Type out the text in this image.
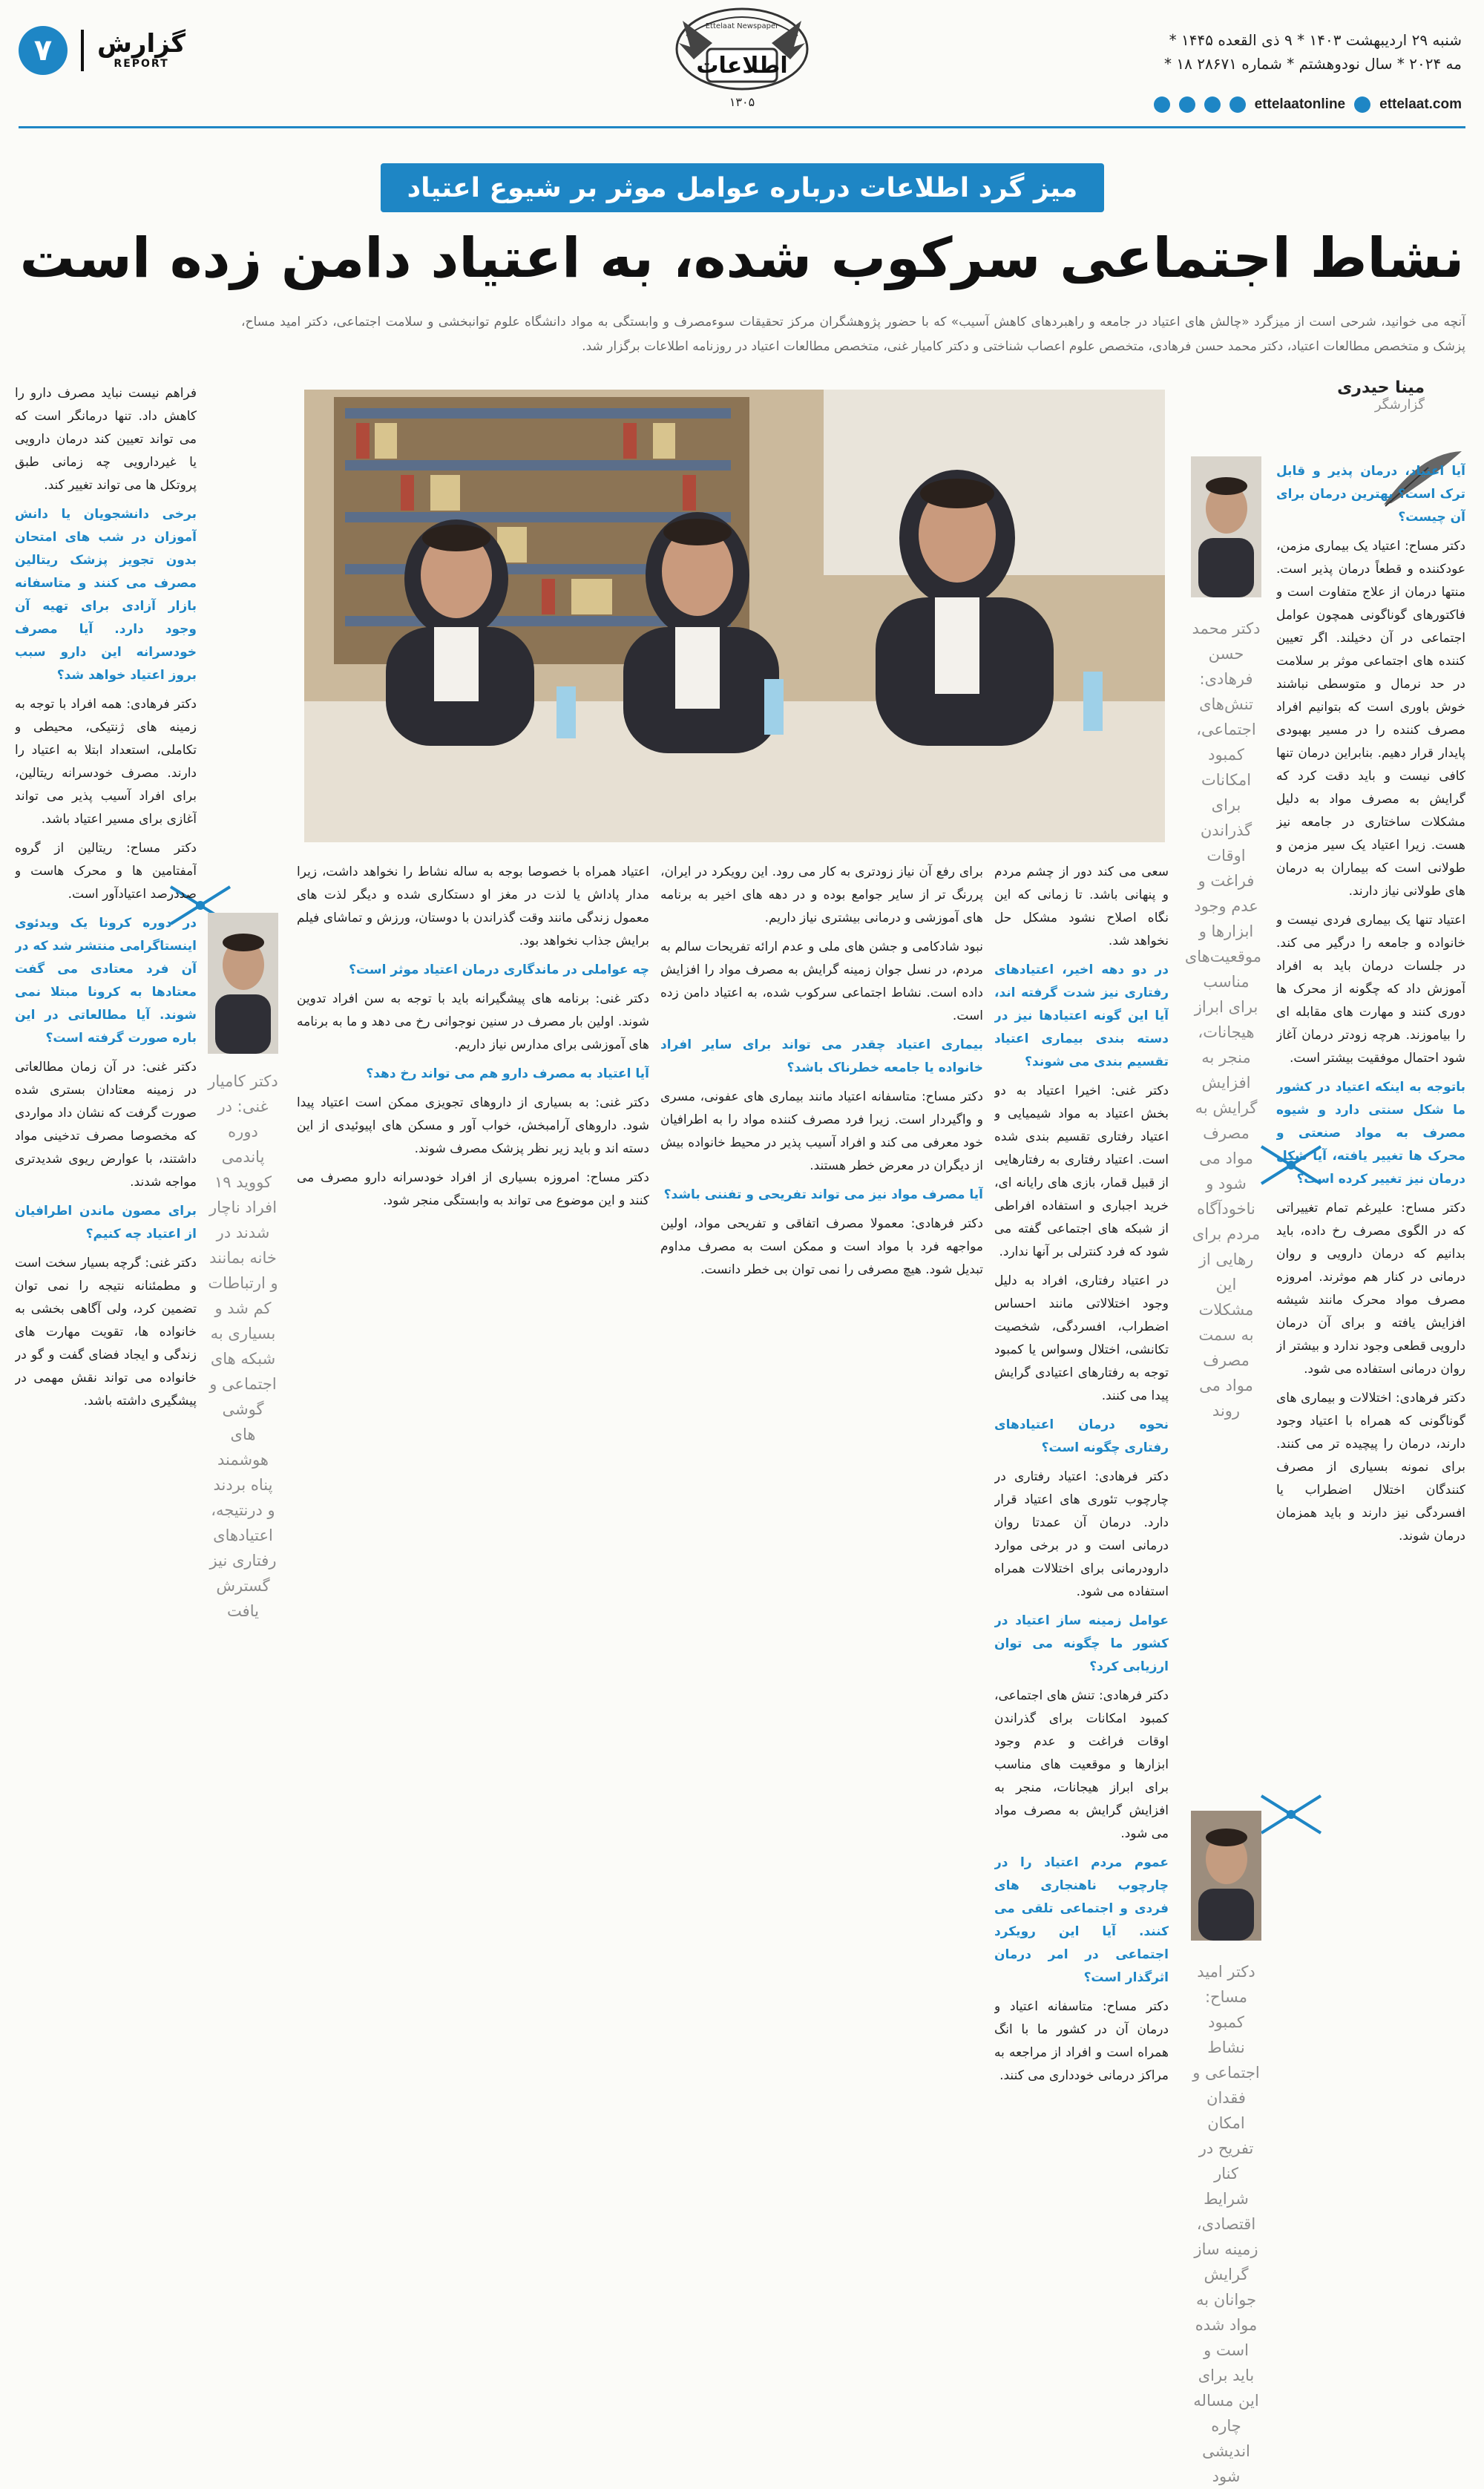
۷	گزارش
REPORT
Ettelaat Newspaper
اطلاعات
۱۳۰۵
* شنبه ۲۹ اردیبهشت ۱۴۰۳ * ۹ ذی القعده ۱۴۴۵
* ۱۸ مه ۲۰۲۴ * سال نودوهشتم * شماره ۲۸۶۷۱
ettelaat.com
ettelaatonline
میز گرد اطلاعات درباره عوامل موثر بر شیوع اعتیاد
نشاط اجتماعی سرکوب شده، به اعتیاد دامن زده است
آنچه می خوانید، شرحی است از میزگرد «چالش های اعتیاد در جامعه و راهبردهای کاهش آسیب» که با حضور پژوهشگران مرکز تحقیقات سوءمصرف و وابستگی به مواد دانشگاه علوم توانبخشی و سلامت اجتماعی، دکتر امید مساح، پزشک و متخصص مطالعات اعتیاد، دکتر محمد حسن فرهادی، متخصص علوم اعصاب شناختی و دکتر کامیار غنی، متخصص مطالعات اعتیاد در روزنامه اطلاعات برگزار شد.
مینا حیدری
گزارشگر
دکتر محمد حسن فرهادی: تنش‌های اجتماعی، کمبود امکانات برای گذراندن اوقات فراغت و عدم وجود ابزارها و موقعیت‌های مناسب برای ابراز هیجانات، منجر به افزایش گرایش به مصرف مواد می شود و ناخودآگاه مردم برای رهایی از این مشکلات به سمت مصرف مواد می روند
دکتر امید مساح: کمبود نشاط اجتماعی و فقدان امکان تفریح در کنار شرایط اقتصادی، زمینه ساز گرایش جوانان به مواد شده است و باید برای این مساله چاره اندیشی شود
دکتر کامیار غنی: در دوره پاندمی کووید ۱۹ افراد ناچار شدند در خانه بمانند و ارتباطات کم شد و بسیاری به شبکه های اجتماعی و گوشی های هوشمند پناه بردند و درنتیجه، اعتیادهای رفتاری نیز گسترش یافت

آیا اعتیاد، درمان پذیر و قابل ترک است؟ بهترین درمان برای آن چیست؟

دکتر مساح: اعتیاد یک بیماری مزمن، عودکننده و قطعاً درمان پذیر است. منتها درمان از علاج متفاوت است و فاکتورهای گوناگونی همچون عوامل اجتماعی در آن دخیلند. اگر تعیین کننده های اجتماعی موثر بر سلامت در حد نرمال و متوسطی نباشند خوش باوری است که بتوانیم افراد مصرف کننده را در مسیر بهبودی پایدار قرار دهیم. بنابراین درمان تنها کافی نیست و باید دقت کرد که گرایش به مصرف مواد به دلیل مشکلات ساختاری در جامعه نیز هست. زیرا اعتیاد یک سیر مزمن و طولانی است که بیماران به درمان های طولانی نیاز دارند.

اعتیاد تنها یک بیماری فردی نیست و خانواده و جامعه را درگیر می کند. در جلسات درمان باید به افراد آموزش داد که چگونه از محرک ها دوری کنند و مهارت های مقابله ای را بیاموزند. هرچه زودتر درمان آغاز شود احتمال موفقیت بیشتر است.

باتوجه به اینکه اعتیاد در کشور ما شکل سنتی دارد و شیوه مصرف به مواد صنعتی و محرک ها تغییر یافته، آیا شکل درمان نیز تغییر کرده است؟

دکتر مساح: علیرغم تمام تغییراتی که در الگوی مصرف رخ داده، باید بدانیم که درمان دارویی و روان درمانی در کنار هم موثرند. امروزه مصرف مواد محرک مانند شیشه افزایش یافته و برای آن درمان دارویی قطعی وجود ندارد و بیشتر از روان درمانی استفاده می شود.

دکتر فرهادی: اختلالات و بیماری های گوناگونی که همراه با اعتیاد وجود دارند، درمان را پیچیده تر می کنند. برای نمونه بسیاری از مصرف کنندگان اختلال اضطراب یا افسردگی نیز دارند و باید همزمان درمان شوند.

سعی می کند دور از چشم مردم و پنهانی باشد. تا زمانی که این نگاه اصلاح نشود مشکل حل نخواهد شد.

در دو دهه اخیر، اعتیادهای رفتاری نیز شدت گرفته اند، آیا این گونه اعتیادها نیز در دسته بندی بیماری اعتیاد تقسیم بندی می شوند؟

دکتر غنی: اخیرا اعتیاد به دو بخش اعتیاد به مواد شیمیایی و اعتیاد رفتاری تقسیم بندی شده است. اعتیاد رفتاری به رفتارهایی از قبیل قمار، بازی های رایانه ای، خرید اجباری و استفاده افراطی از شبکه های اجتماعی گفته می شود که فرد کنترلی بر آنها ندارد.

در اعتیاد رفتاری، افراد به دلیل وجود اختلالاتی مانند احساس اضطراب، افسردگی، شخصیت تکانشی، اختلال وسواس یا کمبود توجه به رفتارهای اعتیادی گرایش پیدا می کنند.

نحوه درمان اعتیادهای رفتاری چگونه است؟

دکتر فرهادی: اعتیاد رفتاری در چارچوب تئوری های اعتیاد قرار دارد. درمان آن عمدتا روان درمانی است و در برخی موارد دارودرمانی برای اختلالات همراه استفاده می شود.

عوامل زمینه ساز اعتیاد در کشور ما چگونه می توان ارزیابی کرد؟

دکتر فرهادی: تنش های اجتماعی، کمبود امکانات برای گذراندن اوقات فراغت و عدم وجود ابزارها و موقعیت های مناسب برای ابراز هیجانات، منجر به افزایش گرایش به مصرف مواد می شود.

عموم مردم اعتیاد را در چارچوب ناهنجاری های فردی و اجتماعی تلقی می کنند. آیا این رویکرد اجتماعی در امر درمان اثرگذار است؟

دکتر مساح: متاسفانه اعتیاد و درمان آن در کشور ما با انگ همراه است و افراد از مراجعه به مراکز درمانی خودداری می کنند.

برای رفع آن نیاز زودتری به کار می رود. این رویکرد در ایران، پررنگ تر از سایر جوامع بوده و در دهه های اخیر به برنامه های آموزشی و درمانی بیشتری نیاز داریم.

نبود شادکامی و جشن های ملی و عدم ارائه تفریحات سالم به مردم، در نسل جوان زمینه گرایش به مصرف مواد را افزایش داده است. نشاط اجتماعی سرکوب شده، به اعتیاد دامن زده است.

بیماری اعتیاد چقدر می تواند برای سایر افراد خانواده یا جامعه خطرناک باشد؟

دکتر مساح: متاسفانه اعتیاد مانند بیماری های عفونی، مسری و واگیردار است. زیرا فرد مصرف کننده مواد را به اطرافیان خود معرفی می کند و افراد آسیب پذیر در محیط خانواده بیش از دیگران در معرض خطر هستند.

آیا مصرف مواد نیز می تواند تفریحی و تفننی باشد؟

دکتر فرهادی: معمولا مصرف اتفاقی و تفریحی مواد، اولین مواجهه فرد با مواد است و ممکن است به مصرف مداوم تبدیل شود. هیچ مصرفی را نمی توان بی خطر دانست.

اعتیاد همراه با خصوصا بوجه به ساله نشاط را نخواهد داشت، زیرا مدار پاداش یا لذت در مغز او دستکاری شده و دیگر لذت های معمول زندگی مانند وقت گذراندن با دوستان، ورزش و تماشای فیلم برایش جذاب نخواهد بود.

چه عواملی در ماندگاری درمان اعتیاد موثر است؟

دکتر غنی: برنامه های پیشگیرانه باید با توجه به سن افراد تدوین شوند. اولین بار مصرف در سنین نوجوانی رخ می دهد و ما به برنامه های آموزشی برای مدارس نیاز داریم.

آیا اعتیاد به مصرف دارو هم می تواند رخ دهد؟

دکتر غنی: به بسیاری از داروهای تجویزی ممکن است اعتیاد پیدا شود. داروهای آرامبخش، خواب آور و مسکن های اپیوئیدی از این دسته اند و باید زیر نظر پزشک مصرف شوند.

دکتر مساح: امروزه بسیاری از افراد خودسرانه دارو مصرف می کنند و این موضوع می تواند به وابستگی منجر شود.

فراهم نیست نباید مصرف دارو را کاهش داد. تنها درمانگر است که می تواند تعیین کند درمان دارویی یا غیردارویی چه زمانی طبق پروتکل ها می تواند تغییر کند.

برخی دانشجویان یا دانش آموزان در شب های امتحان بدون تجویز پزشک ریتالین مصرف می کنند و متاسفانه بازار آزادی برای تهیه آن وجود دارد. آیا مصرف خودسرانه این دارو سبب بروز اعتیاد خواهد شد؟

دکتر فرهادی: همه افراد با توجه به زمینه های ژنتیکی، محیطی و تکاملی، استعداد ابتلا به اعتیاد را دارند. مصرف خودسرانه ریتالین، برای افراد آسیب پذیر می تواند آغازی برای مسیر اعتیاد باشد.

دکتر مساح: ریتالین از گروه آمفتامین ها و محرک هاست و صددرصد اعتیادآور است.

در دوره کرونا یک ویدئوی اینستاگرامی منتشر شد که در آن فرد معتادی می گفت معتادها به کرونا مبتلا نمی شوند. آیا مطالعاتی در این باره صورت گرفته است؟

دکتر غنی: در آن زمان مطالعاتی در زمینه معتادان بستری شده صورت گرفت که نشان داد مواردی که مخصوصا مصرف تدخینی مواد داشتند، با عوارض ریوی شدیدتری مواجه شدند.

برای مصون ماندن اطرافیان از اعتیاد چه کنیم؟

دکتر غنی: گرچه بسیار سخت است و مطمئنانه نتیجه را نمی توان تضمین کرد، ولی آگاهی بخشی به خانواده ها، تقویت مهارت های زندگی و ایجاد فضای گفت و گو در خانواده می تواند نقش مهمی در پیشگیری داشته باشد.
